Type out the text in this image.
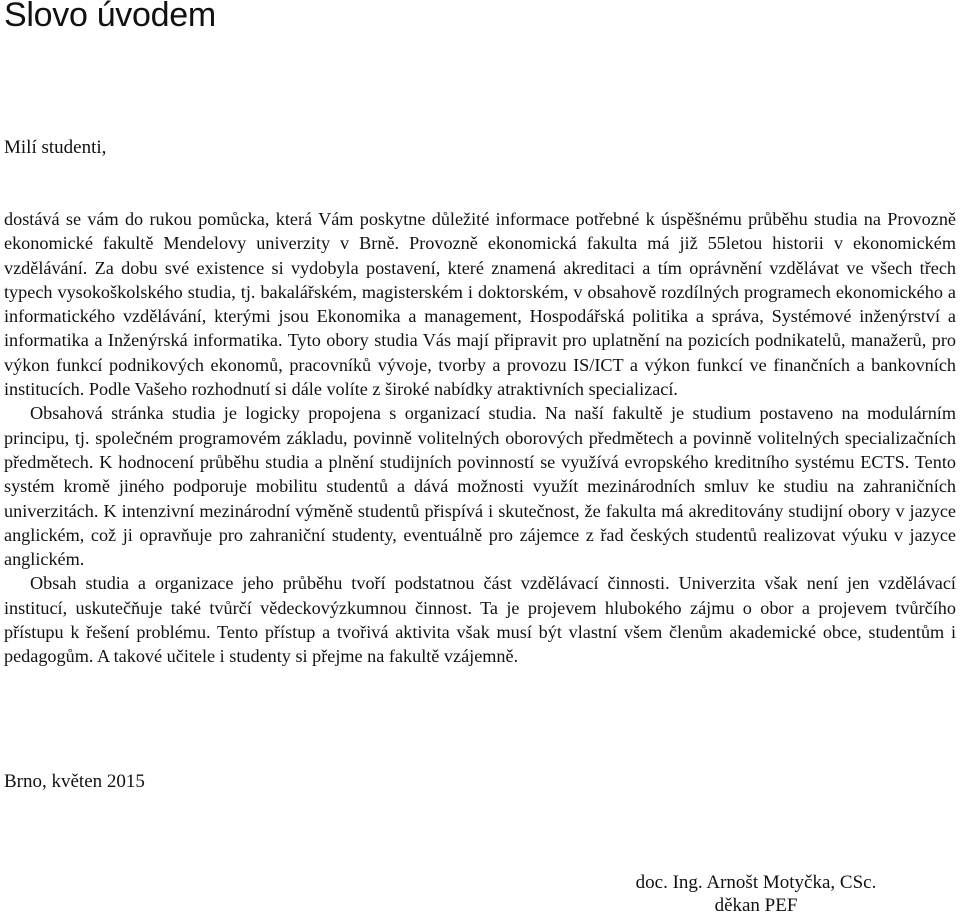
Slovo úvodem
Milí studenti,

dostává se vám do rukou pomůcka, která Vám poskytne důležité informace potřebné k úspěšnému průběhu studia na Provozně ekonomické fakultě Mendelovy univerzity v Brně. Provozně ekonomická fakulta má již 55letou historii v ekonomickém vzdělávání. Za dobu své existence si vydobyla postavení, které znamená akreditaci a tím oprávnění vzdělávat ve všech třech typech vysokoškolského studia, tj. bakalářském, magisterském i doktorském, v obsahově rozdílných programech ekonomického a informatického vzdělávání, kterými jsou Ekonomika a management, Hospodářská politika a správa, Systémové inženýrství a informatika a Inženýrská informatika. Tyto obory studia Vás mají připravit pro uplatnění na pozicích podnikatelů, manažerů, pro výkon funkcí podnikových ekonomů, pracovníků vývoje, tvorby a provozu IS/ICT a výkon funkcí ve finančních a bankovních institucích. Podle Vašeho rozhodnutí si dále volíte z široké nabídky atraktivních specializací.

Obsahová stránka studia je logicky propojena s organizací studia. Na naší fakultě je studium postaveno na modulárním principu, tj. společném programovém základu, povinně volitelných oborových předmětech a povinně volitelných specializačních předmětech. K hodnocení průběhu studia a plnění studijních povinností se využívá evropského kreditního systému ECTS. Tento systém kromě jiného podporuje mobilitu studentů a dává možnosti využít mezinárodních smluv ke studiu na zahraničních univerzitách. K intenzivní mezinárodní výměně studentů přispívá i skutečnost, že fakulta má akreditovány studijní obory v jazyce anglickém, což ji opravňuje pro zahraniční studenty, eventuálně pro zájemce z řad českých studentů realizovat výuku v jazyce anglickém.

Obsah studia a organizace jeho průběhu tvoří podstatnou část vzdělávací činnosti. Univerzita však není jen vzdělávací institucí, uskutečňuje také tvůrčí vědeckovýzkumnou činnost. Ta je projevem hlubokého zájmu o obor a projevem tvůrčího přístupu k řešení problému. Tento přístup a tvořivá aktivita však musí být vlastní všem členům akademické obce, studentům i pedagogům. A takové učitele i studenty si přejme na fakultě vzájemně.

Brno, květen 2015
doc. Ing. Arnošt Motyčka, CSc.
děkan PEF
